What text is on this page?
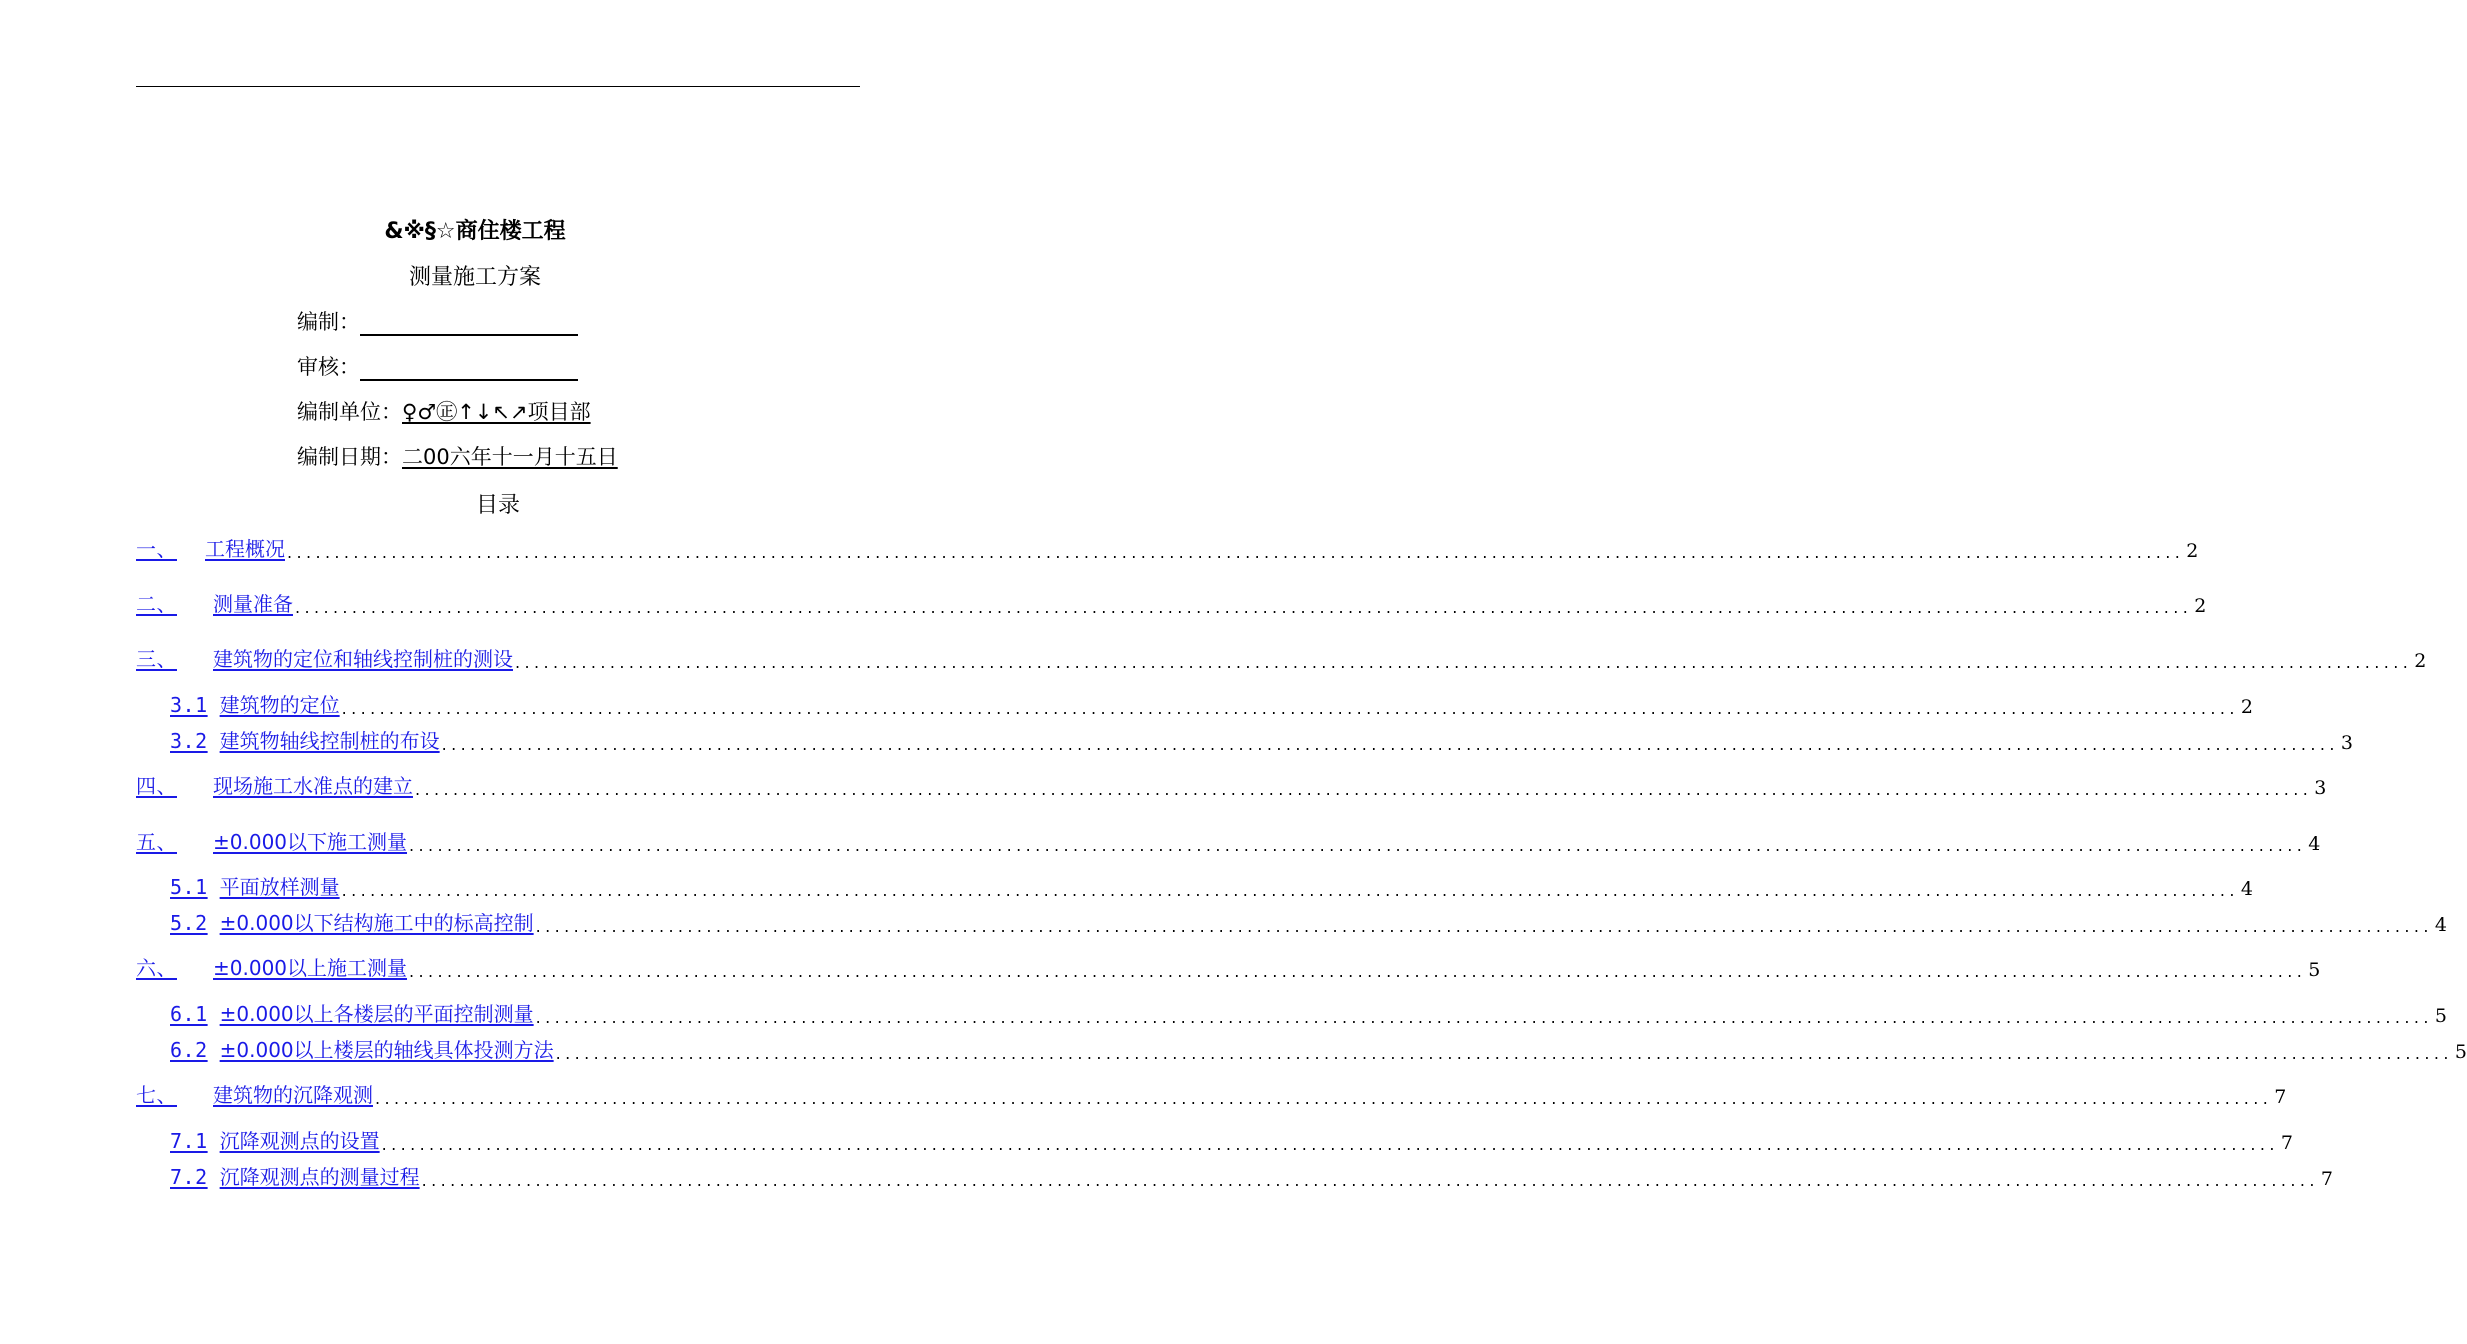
&※§☆商住楼工程
测量施工方案
编制：
审核：
编制单位：♀♂㊣↑↓↖↗项目部
编制日期：二00六年十一月十五日
目录
一、 工程概况 ........................................................................................................................................................................................................ 2
二、 测量准备 ........................................................................................................................................................................................................ 2
三、 建筑物的定位和轴线控制桩的测设 ........................................................................................................................................................................................................ 2
3.1 建筑物的定位 ........................................................................................................................................................................................................ 2
3.2 建筑物轴线控制桩的布设 ........................................................................................................................................................................................................ 3
四、 现场施工水准点的建立 ........................................................................................................................................................................................................ 3
五、 ±0.000以下施工测量 ........................................................................................................................................................................................................ 4
5.1 平面放样测量 ........................................................................................................................................................................................................ 4
5.2 ±0.000以下结构施工中的标高控制 ........................................................................................................................................................................................................ 4
六、 ±0.000以上施工测量 ........................................................................................................................................................................................................ 5
6.1 ±0.000以上各楼层的平面控制测量 ........................................................................................................................................................................................................ 5
6.2 ±0.000以上楼层的轴线具体投测方法 ........................................................................................................................................................................................................ 5
七、 建筑物的沉降观测 ........................................................................................................................................................................................................ 7
7.1 沉降观测点的设置 ........................................................................................................................................................................................................ 7
7.2 沉降观测点的测量过程 ........................................................................................................................................................................................................ 7
